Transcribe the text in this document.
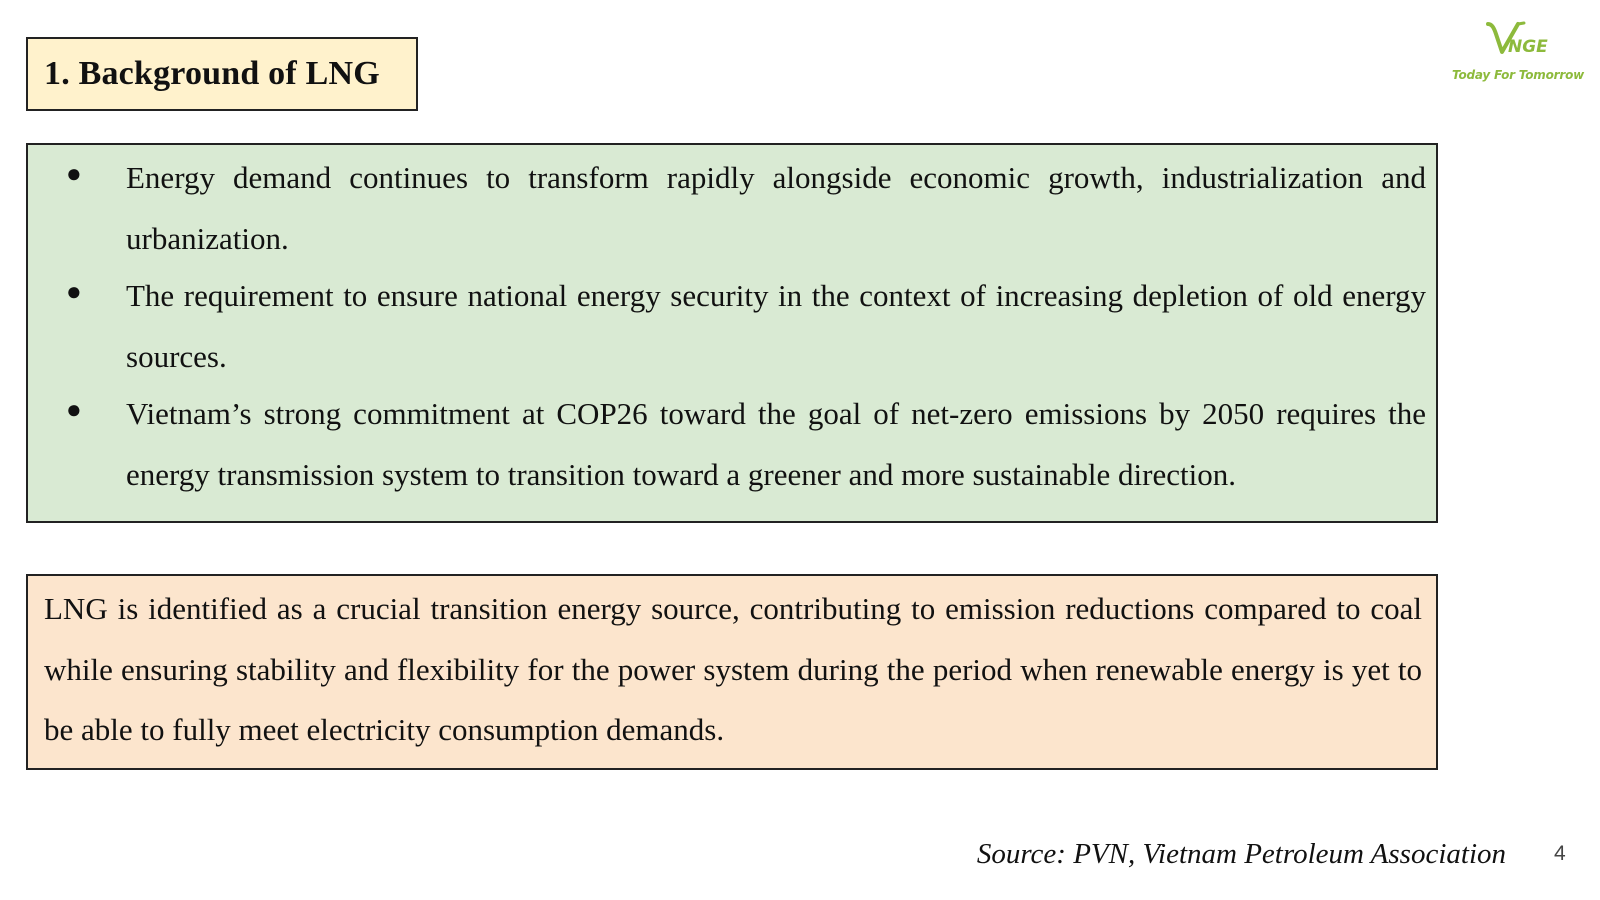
1. Background of LNG
NGE
Today For Tomorrow
● Energy demand continues to transform rapidly alongside economic growth, industrialization and urbanization.
● The requirement to ensure national energy security in the context of increasing depletion of old energy sources.
● Vietnam’s strong commitment at COP26 toward the goal of net-zero emissions by 2050 requires the energy transmission system to transition toward a greener and more sustainable direction.
LNG is identified as a crucial transition energy source, contributing to emission reductions compared to coal while ensuring stability and flexibility for the power system during the period when renewable energy is yet to be able to fully meet electricity consumption demands.
Source: PVN, Vietnam Petroleum Association 4
